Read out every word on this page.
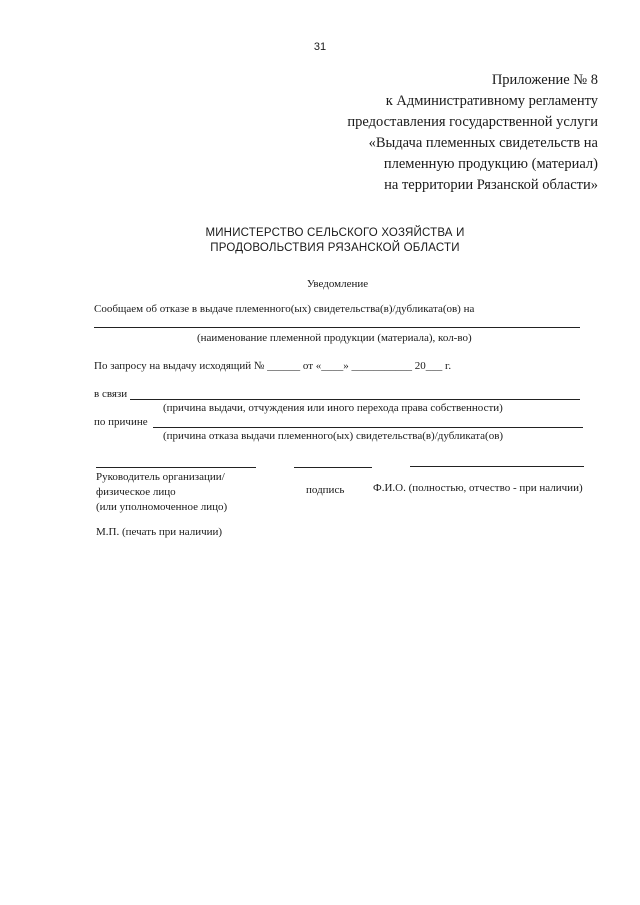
31
Приложение № 8
к Административному регламенту
предоставления государственной услуги
«Выдача племенных свидетельств на
племенную продукцию (материал)
на территории Рязанской области»
МИНИСТЕРСТВО СЕЛЬСКОГО ХОЗЯЙСТВА И
ПРОДОВОЛЬСТВИЯ РЯЗАНСКОЙ ОБЛАСТИ
Уведомление
Сообщаем об отказе в выдаче племенного(ых) свидетельства(в)/дубликата(ов) на
(наименование племенной продукции (материала), кол-во)
По запросу на выдачу исходящий № ______ от «____» ___________ 20___ г.
в связи
(причина выдачи, отчуждения или иного перехода права собственности)
по причине
(причина отказа выдачи племенного(ых) свидетельства(в)/дубликата(ов)
Руководитель организации/
физическое лицо
(или уполномоченное лицо)
подпись	Ф.И.О. (полностью, отчество - при наличии)
М.П. (печать при наличии)
